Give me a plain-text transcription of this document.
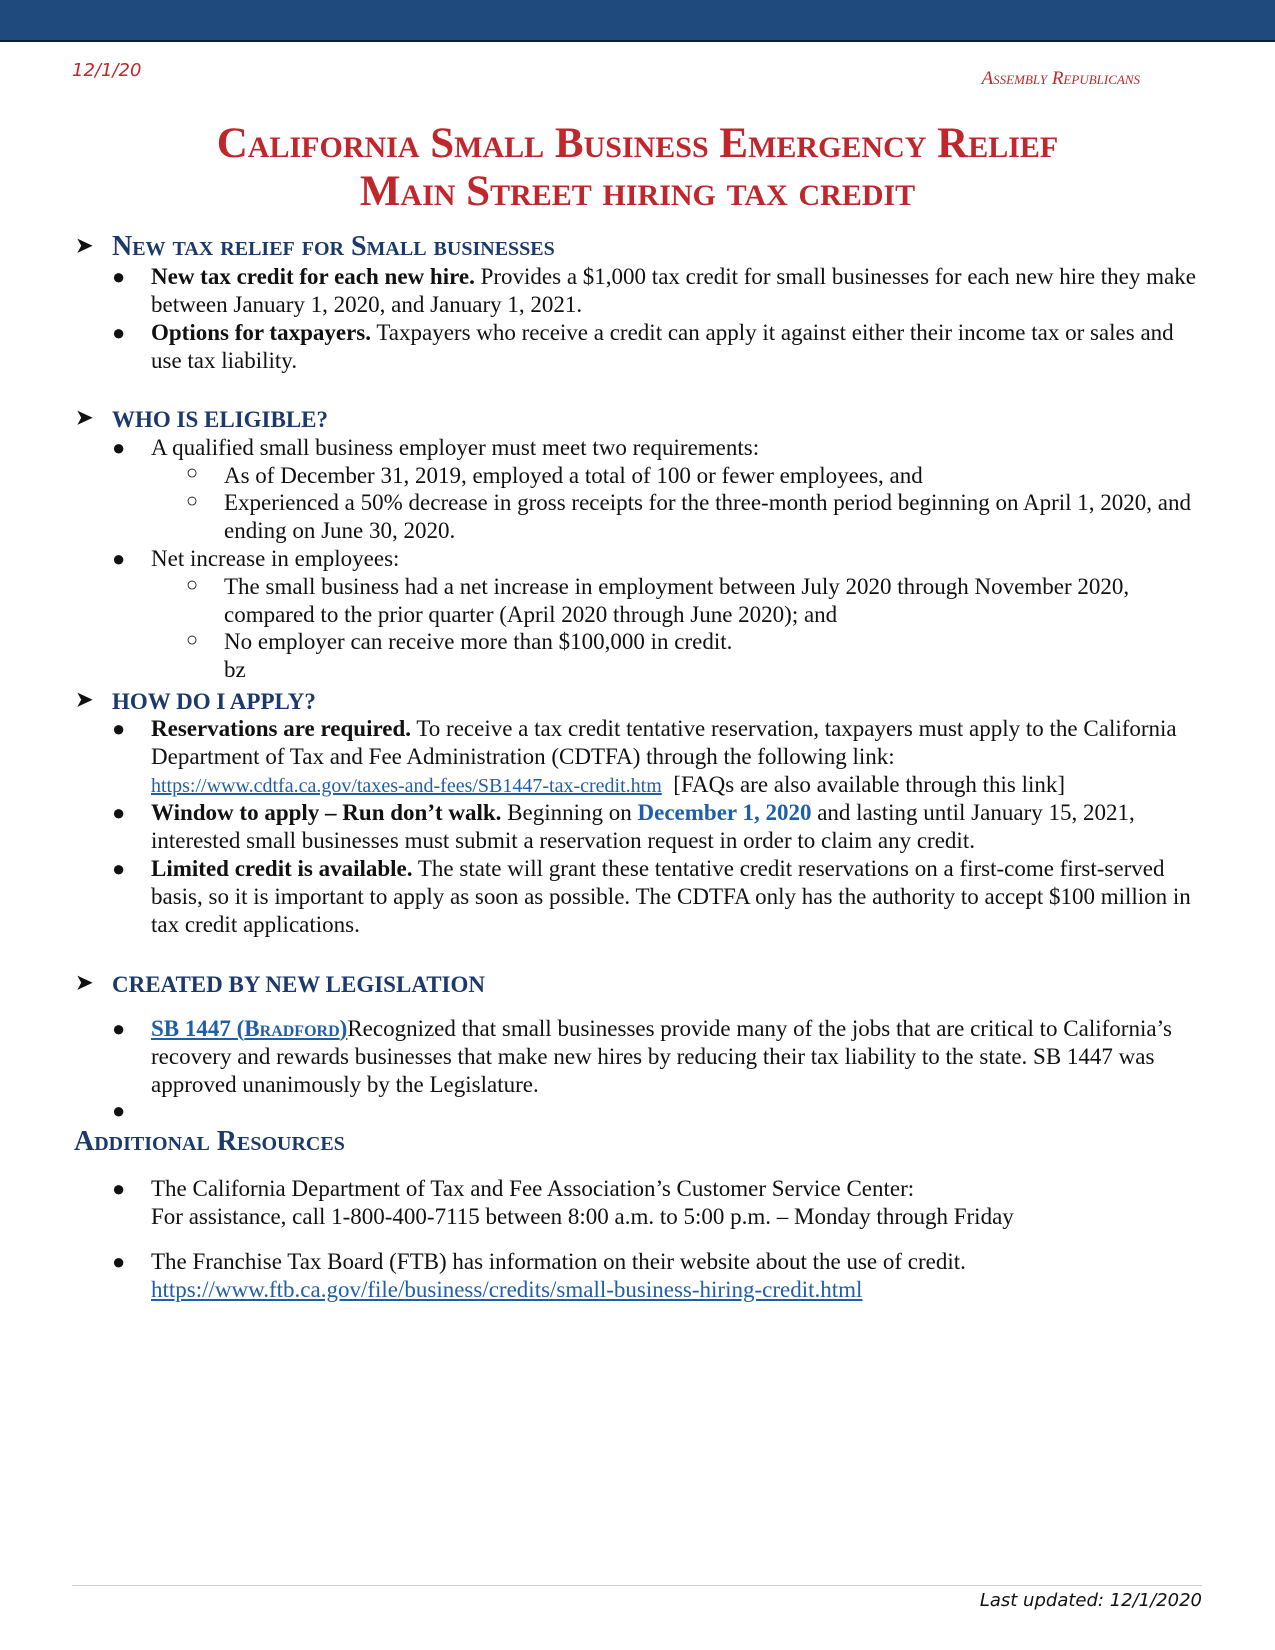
12/1/20	Assembly Republicans
California Small Business Emergency Relief
Main Street hiring tax credit
➤ New tax relief for Small businesses
● New tax credit for each new hire. Provides a $1,000 tax credit for small businesses for each new hire they make between January 1, 2020, and January 1, 2021.
● Options for taxpayers. Taxpayers who receive a credit can apply it against either their income tax or sales and use tax liability.
➤ WHO IS ELIGIBLE?
● A qualified small business employer must meet two requirements:
○ As of December 31, 2019, employed a total of 100 or fewer employees, and
○ Experienced a 50% decrease in gross receipts for the three-month period beginning on April 1, 2020, and ending on June 30, 2020.
● Net increase in employees:
○ The small business had a net increase in employment between July 2020 through November 2020, compared to the prior quarter (April 2020 through June 2020); and
○ No employer can receive more than $100,000 in credit.
bz
➤ HOW DO I APPLY?
● Reservations are required. To receive a tax credit tentative reservation, taxpayers must apply to the California Department of Tax and Fee Administration (CDTFA) through the following link:
https://www.cdtfa.ca.gov/taxes-and-fees/SB1447-tax-credit.htm [FAQs are also available through this link]
● Window to apply – Run don’t walk. Beginning on December 1, 2020 and lasting until January 15, 2021, interested small businesses must submit a reservation request in order to claim any credit.
● Limited credit is available. The state will grant these tentative credit reservations on a first-come first-served basis, so it is important to apply as soon as possible. The CDTFA only has the authority to accept $100 million in tax credit applications.
➤ CREATED BY NEW LEGISLATION
● SB 1447 (Bradford)Recognized that small businesses provide many of the jobs that are critical to California’s recovery and rewards businesses that make new hires by reducing their tax liability to the state. SB 1447 was approved unanimously by the Legislature.
●
Additional Resources
● The California Department of Tax and Fee Association’s Customer Service Center:
For assistance, call 1-800-400-7115 between 8:00 a.m. to 5:00 p.m. – Monday through Friday
● The Franchise Tax Board (FTB) has information on their website about the use of credit.
https://www.ftb.ca.gov/file/business/credits/small-business-hiring-credit.html
Last updated: 12/1/2020
